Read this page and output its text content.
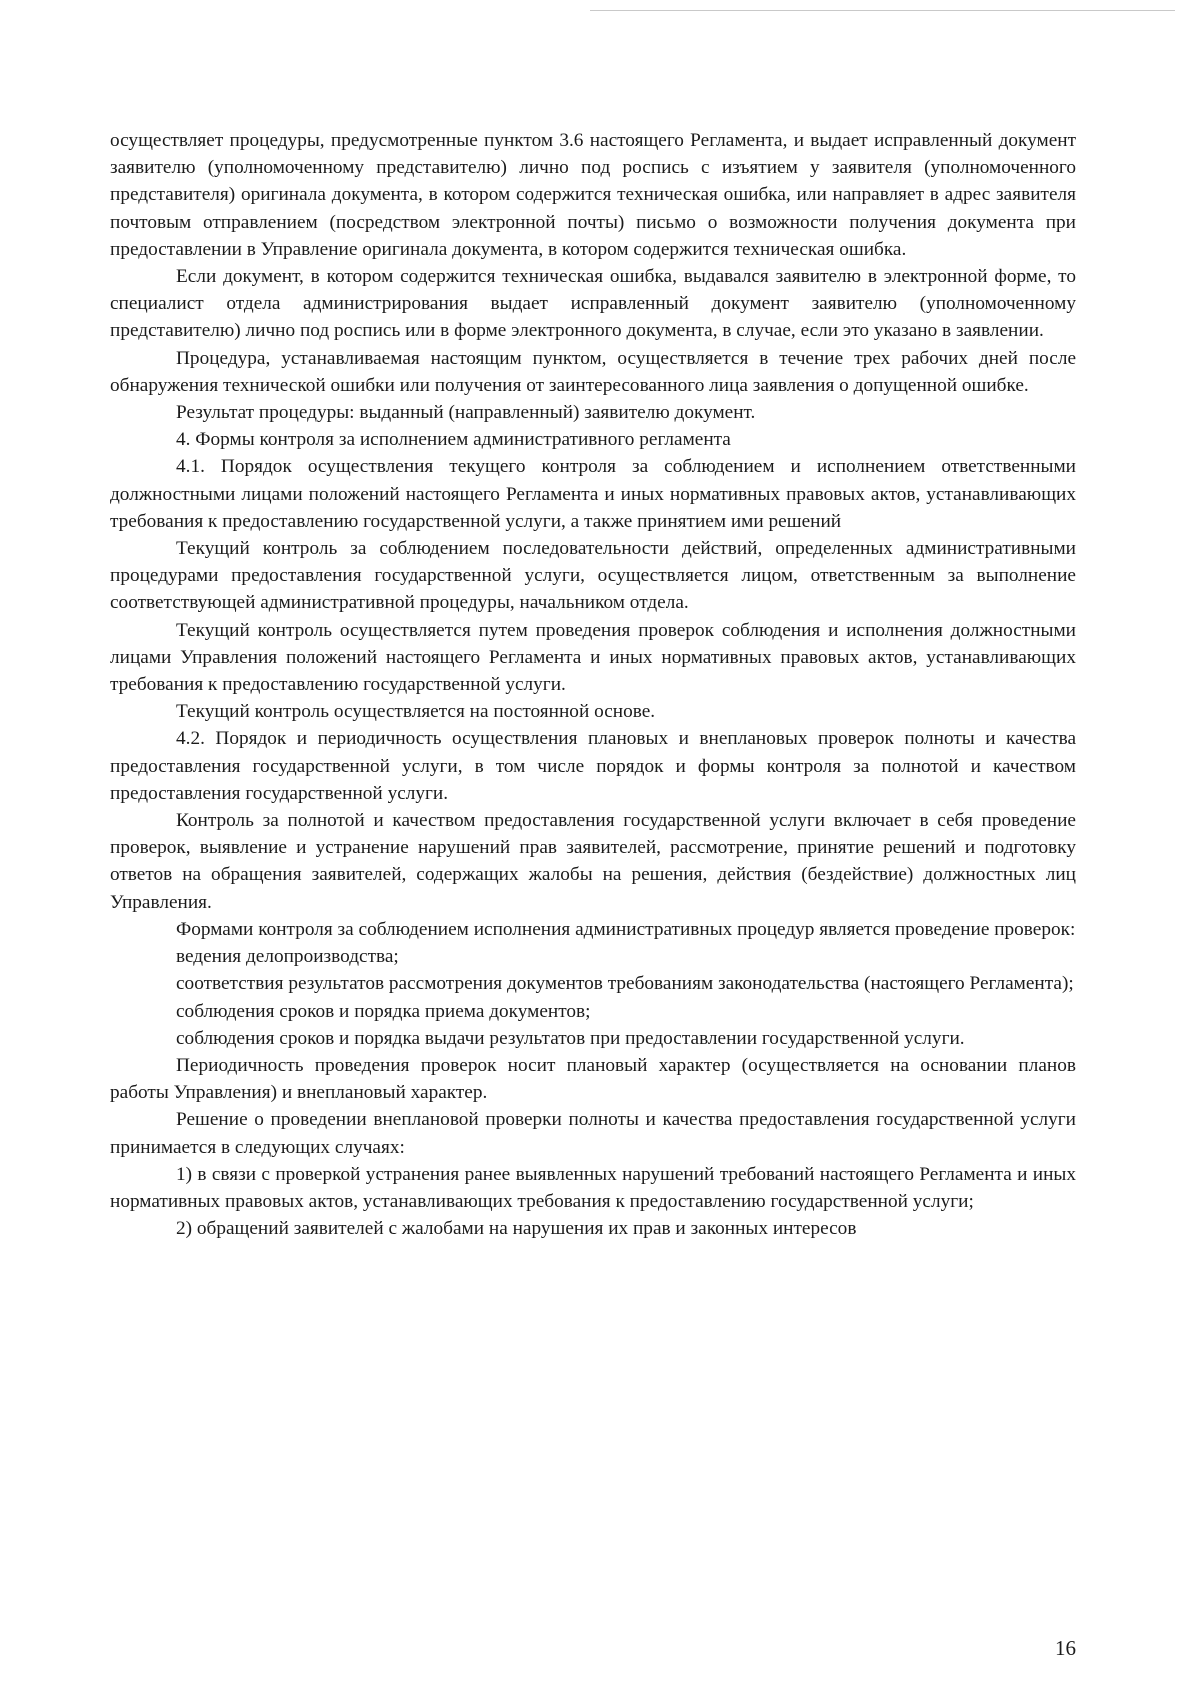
осуществляет процедуры, предусмотренные пунктом 3.6 настоящего Регламента, и выдает исправленный документ заявителю (уполномоченному представителю) лично под роспись с изъятием у заявителя (уполномоченного представителя) оригинала документа, в котором содержится техническая ошибка, или направляет в адрес заявителя почтовым отправлением (посредством электронной почты) письмо о возможности получения документа при предоставлении в Управление оригинала документа, в котором содержится техническая ошибка.

Если документ, в котором содержится техническая ошибка, выдавался заявителю в электронной форме, то специалист отдела администрирования выдает исправленный документ заявителю (уполномоченному представителю) лично под роспись или в форме электронного документа, в случае, если это указано в заявлении.

Процедура, устанавливаемая настоящим пунктом, осуществляется в течение трех рабочих дней после обнаружения технической ошибки или получения от заинтересованного лица заявления о допущенной ошибке.

Результат процедуры: выданный (направленный) заявителю документ.

4. Формы контроля за исполнением административного регламента

4.1. Порядок осуществления текущего контроля за соблюдением и исполнением ответственными должностными лицами положений настоящего Регламента и иных нормативных правовых актов, устанавливающих требования к предоставлению государственной услуги, а также принятием ими решений

Текущий контроль за соблюдением последовательности действий, определенных административными процедурами предоставления государственной услуги, осуществляется лицом, ответственным за выполнение соответствующей административной процедуры, начальником отдела.

Текущий контроль осуществляется путем проведения проверок соблюдения и исполнения должностными лицами Управления положений настоящего Регламента и иных нормативных правовых актов, устанавливающих требования к предоставлению государственной услуги.

Текущий контроль осуществляется на постоянной основе.

4.2. Порядок и периодичность осуществления плановых и внеплановых проверок полноты и качества предоставления государственной услуги, в том числе порядок и формы контроля за полнотой и качеством предоставления государственной услуги.

Контроль за полнотой и качеством предоставления государственной услуги включает в себя проведение проверок, выявление и устранение нарушений прав заявителей, рассмотрение, принятие решений и подготовку ответов на обращения заявителей, содержащих жалобы на решения, действия (бездействие) должностных лиц Управления.

Формами контроля за соблюдением исполнения административных процедур является проведение проверок:

ведения делопроизводства;

соответствия результатов рассмотрения документов требованиям законодательства (настоящего Регламента);

соблюдения сроков и порядка приема документов;

соблюдения сроков и порядка выдачи результатов при предоставлении государственной услуги.

Периодичность проведения проверок носит плановый характер (осуществляется на основании планов работы Управления) и внеплановый характер.

Решение о проведении внеплановой проверки полноты и качества предоставления государственной услуги принимается в следующих случаях:

1) в связи с проверкой устранения ранее выявленных нарушений требований настоящего Регламента и иных нормативных правовых актов, устанавливающих требования к предоставлению государственной услуги;

2) обращений заявителей с жалобами на нарушения их прав и законных интересов

16
